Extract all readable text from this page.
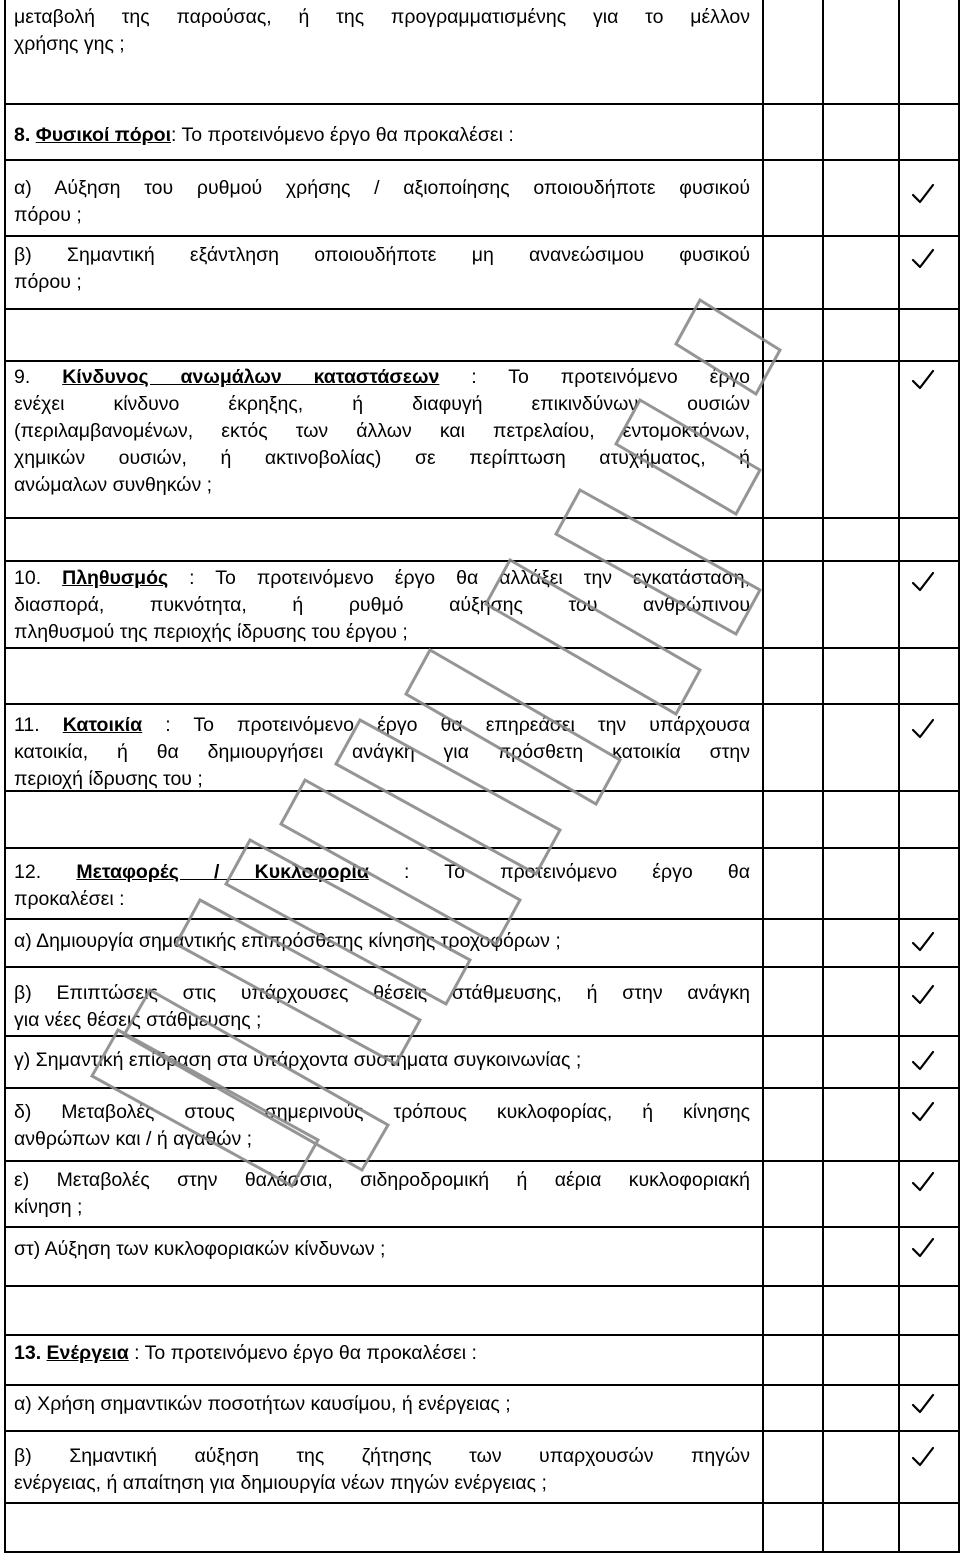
μεταβολή της παρούσας, ή της προγραμματισμένης για το μέλλον
χρήσης γης ;
8. Φυσικοί πόροι: Το προτεινόμενο έργο θα προκαλέσει :
α) Αύξηση του ρυθμού χρήσης / αξιοποίησης οποιουδήποτε φυσικού
πόρου ;
β) Σημαντική εξάντληση οποιουδήποτε μη ανανεώσιμου φυσικού
πόρου ;
9. Κίνδυνος ανωμάλων καταστάσεων : Το προτεινόμενο έργο
ενέχει κίνδυνο έκρηξης, ή διαφυγή επικινδύνων ουσιών
(περιλαμβανομένων, εκτός των άλλων και πετρελαίου, εντομοκτόνων,
χημικών ουσιών, ή ακτινοβολίας) σε περίπτωση ατυχήματος, ή
ανώμαλων συνθηκών ;
10. Πληθυσμός : Το προτεινόμενο έργο θα αλλάξει την εγκατάσταση,
διασπορά, πυκνότητα, ή ρυθμό αύξησης του ανθρώπινου
πληθυσμού της περιοχής ίδρυσης του έργου ;
11. Κατοικία : Το προτεινόμενο έργο θα επηρεάσει την υπάρχουσα
κατοικία, ή θα δημιουργήσει ανάγκη για πρόσθετη κατοικία στην
περιοχή ίδρυσης του ;
12. Μεταφορές / Κυκλοφορία : Το προτεινόμενο έργο θα
προκαλέσει :
α) Δημιουργία σημαντικής επιπρόσθετης κίνησης τροχοφόρων ;
β) Επιπτώσεις στις υπάρχουσες θέσεις στάθμευσης, ή στην ανάγκη
για νέες θέσεις στάθμευσης ;
γ) Σημαντική επίδραση στα υπάρχοντα συστήματα συγκοινωνίας ;
δ) Μεταβολές στους σημερινούς τρόπους κυκλοφορίας, ή κίνησης
ανθρώπων και / ή αγαθών ;
ε) Μεταβολές στην θαλάσσια, σιδηροδρομική ή αέρια κυκλοφοριακή
κίνηση ;
στ) Αύξηση των κυκλοφοριακών κίνδυνων ;
13. Ενέργεια : Το προτεινόμενο έργο θα προκαλέσει :
α) Χρήση σημαντικών ποσοτήτων καυσίμου, ή ενέργειας ;
β) Σημαντική αύξηση της ζήτησης των υπαρχουσών πηγών
ενέργειας, ή απαίτηση για δημιουργία νέων πηγών ενέργειας ;
